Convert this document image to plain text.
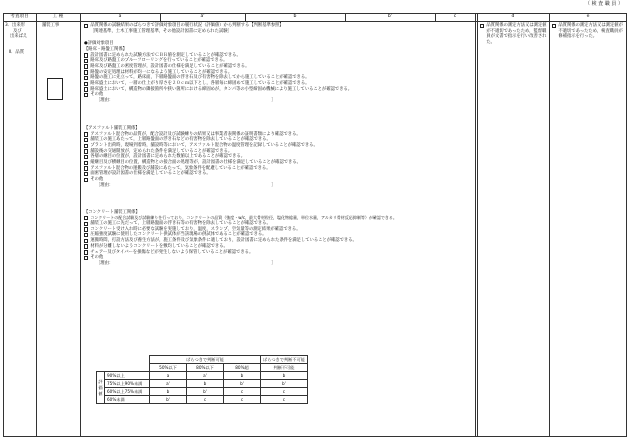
（ 検 査 職 員 ）
考査項目	工 種	a	a'	b	b'	c	d	e
3．出来形
及び
出来ばえ
Ⅱ．品質
舗装工事	品質関係の試験結果のばらつきで評価対象項目の履行状況（評価値）から判断する【判断基準参照】
［関連基準，土木工事施工管理基準，その他設計図書に定められた試験］
●評価対象項目
【路床・路盤工関係】
設計図書に定められた試験方法でＣＢＲ値を測定していることが確認できる。
路床及び路盤工のプルーフローリングを行っていることが確認できる。
路床及び路盤工の密度管理が，設計図書の仕様を満足していることが確認できる。
路盤の安定処理は材料が均一になるよう施工していることが確認できる。
路盤の施工に先立って，路床面，下層路盤面の浮き石及び有害物を除去してから施工していることが確認できる。
路床盛土において，一層の仕上がり厚さを２０ｃｍ以下とし，各層毎に締固めて施工していることが確認できる。
路床盛土において，構造物の隣接箇所や狭い箇所における締固めが，タンパ等の小型締固め機械により施工していることが確認できる。
その他
［理由：	］
【アスファルト舗装工関係】
アスファルト混合物の品質が，配合設計及び試験練りの結果又は事業者表関係の証明書類により確認できる。
舗装工の施工あたって，上層路盤面の浮き石などの有害物を除去していることが確認できる。
プラント出荷時，現場到着時，舗設時等において，アスファルト混合物の温度管理を記録していることが確認できる。
舗設後の交通開放が，定められた条件を満足していることが確認できる。
各層の継目の位置が，設計図書に定められた数値以上であることが確認できる。
縦継目及び横継目の位置，構造物との接合面の処理等が，設計図書の仕様を満足していることが確認できる。
アスファルト混合物の運搬及び舗設にあたって，気象条件を配慮していることが確認できる。
面密管理が設計図書の仕様を満足していることが確認できる。
その他
［理由：	］
【コンクリート舗装工関係】
コンクリートの配合試験及び試験練りを行っており，コンクリートの品質（強度・w/c，最大骨材粒径，塩化物総量，単位水量，アルカリ骨材反応抑制等）が確認できる。
舗装工の施工に先だって，上層路盤面の浮き石等の有害物を除去していることが確認できる。
コンクリート受け入れ時に必要な試験を実施しており，温度，スランプ，空気量等の測定結果が確認できる。
圧縮強度試験に使用したコンクリート供試体が当該現場の供試体であることが確認できる。
運搬時間，打設方法及び養生方法が，施工条件及び気象条件に適しており，設計図書に定められた条件を満足していることが確認できる。
材料が分離しないようコンクリートを敷均していることが確認できる。
チェアー及びタイバーを損傷などが発生しないよう保管していることが確認できる。
その他
［理由：	］
		ばらつきで判断可能			ばらつきで判断不可能
		50%以下	80%以下	80%超	判断不可能
評価値	90%以上	a	a'	b	b
	75%以上90%未満	a'	b	b'	b'
	60%以上75%未満	b	b'	c	c
	60%未満	b'	c	c	c
品質関係の測定方法又は測定値が不適切であったため，監督職員が文書で指示を行い改善された。
品質関係の測定方法又は測定値が不適切であったため，検査職員が修補指示を行った。
